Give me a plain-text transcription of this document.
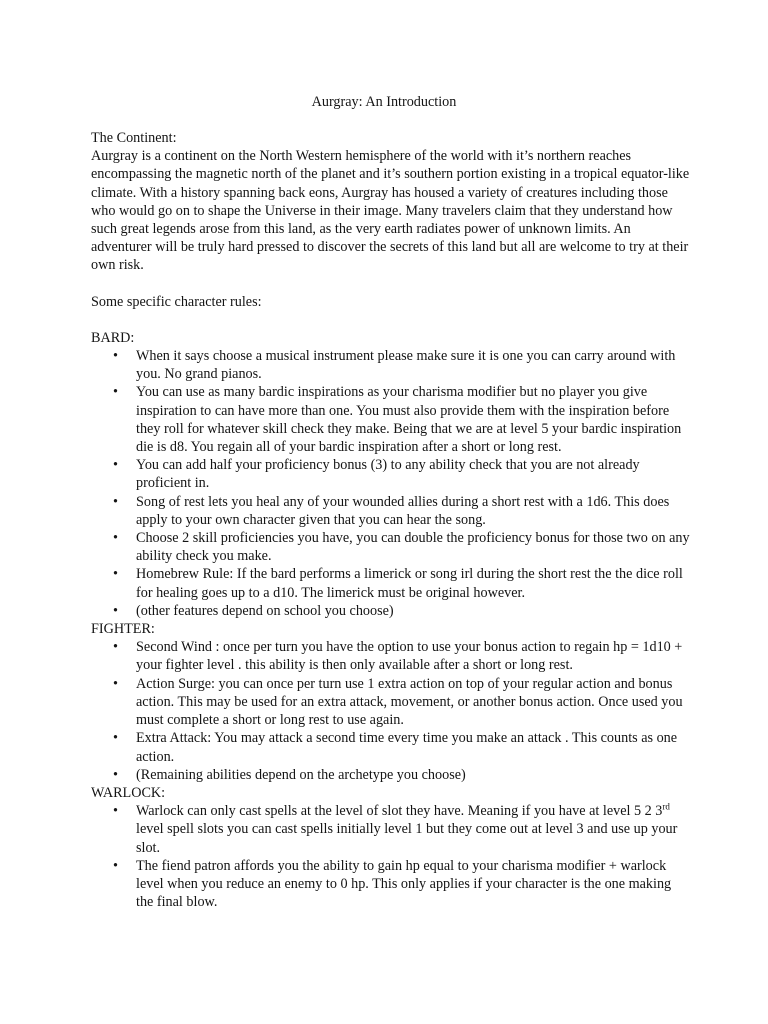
Aurgray: An Introduction

The Continent:

Aurgray is a continent on the North Western hemisphere of the world with it’s northern reaches encompassing the magnetic north of the planet and it’s southern portion existing in a tropical equator-like climate. With a history spanning back eons, Aurgray has housed a variety of creatures including those who would go on to shape the Universe in their image. Many travelers claim that they understand how such great legends arose from this land, as the very earth radiates power of unknown limits. An adventurer will be truly hard pressed to discover the secrets of this land but all are welcome to try at their own risk.

Some specific character rules:

BARD:

• When it says choose a musical instrument please make sure it is one you can carry around with you. No grand pianos.
• You can use as many bardic inspirations as your charisma modifier but no player you give inspiration to can have more than one. You must also provide them with the inspiration before they roll for whatever skill check they make. Being that we are at level 5 your bardic inspiration die is d8. You regain all of your bardic inspiration after a short or long rest.
• You can add half your proficiency bonus (3) to any ability check that you are not already proficient in.
• Song of rest lets you heal any of your wounded allies during a short rest with a 1d6. This does apply to your own character given that you can hear the song.
• Choose 2 skill proficiencies you have, you can double the proficiency bonus for those two on any ability check you make.
• Homebrew Rule: If the bard performs a limerick or song irl during the short rest the the dice roll for healing goes up to a d10. The limerick must be original however.
• (other features depend on school you choose)

FIGHTER:

• Second Wind : once per turn you have the option to use your bonus action to regain hp = 1d10 + your fighter level . this ability is then only available after a short or long rest.
• Action Surge: you can once per turn use 1 extra action on top of your regular action and bonus action. This may be used for an extra attack, movement, or another bonus action. Once used you must complete a short or long rest to use again.
• Extra Attack: You may attack a second time every time you make an attack . This counts as one action.
• (Remaining abilities depend on the archetype you choose)

WARLOCK:

• Warlock can only cast spells at the level of slot they have. Meaning if you have at level 5 2 3rd level spell slots you can cast spells initially level 1 but they come out at level 3 and use up your slot.
• The fiend patron affords you the ability to gain hp equal to your charisma modifier + warlock level when you reduce an enemy to 0 hp. This only applies if your character is the one making the final blow.
